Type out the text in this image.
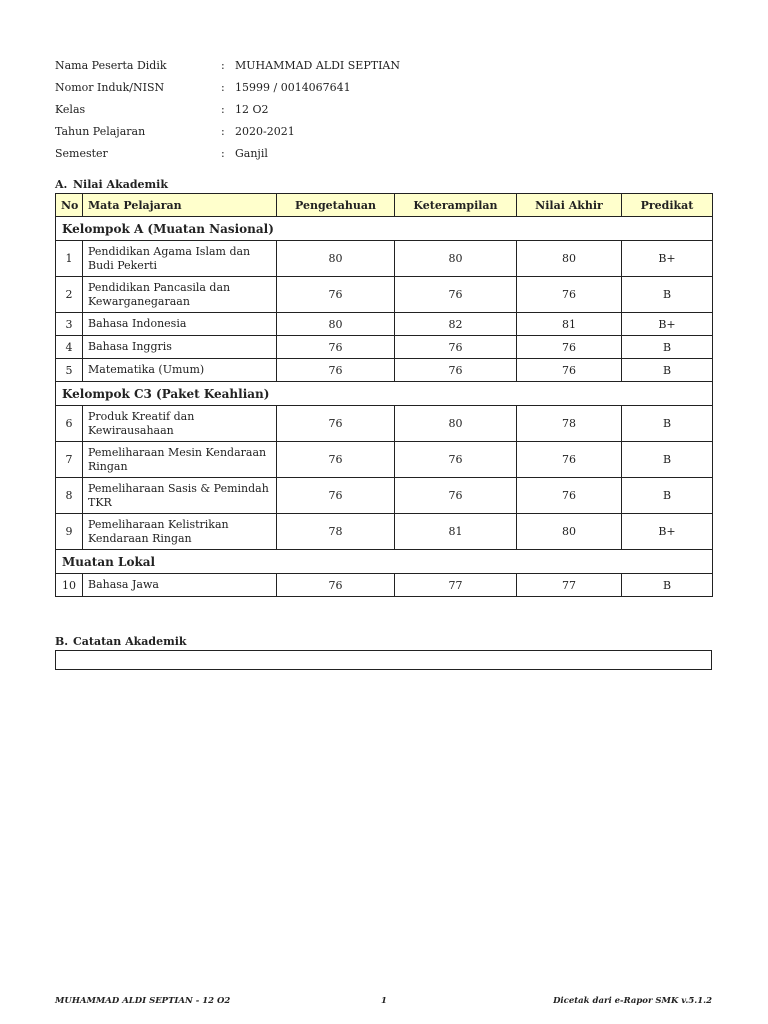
Nama Peserta Didik	: MUHAMMAD ALDI SEPTIAN
Nomor Induk/NISN	: 15999 / 0014067641
Kelas	: 12 O2
Tahun Pelajaran	: 2020-2021
Semester	: Ganjil
A. Nilai Akademik
No	Mata Pelajaran	Pengetahuan	Keterampilan	Nilai Akhir	Predikat
Kelompok A (Muatan Nasional)					
1	Pendidikan Agama Islam dan Budi Pekerti	80	80	80	B+
2	Pendidikan Pancasila dan Kewarganegaraan	76	76	76	B
3	Bahasa Indonesia	80	82	81	B+
4	Bahasa Inggris	76	76	76	B
5	Matematika (Umum)	76	76	76	B
Kelompok C3 (Paket Keahlian)					
6	Produk Kreatif dan Kewirausahaan	76	80	78	B
7	Pemeliharaan Mesin Kendaraan Ringan	76	76	76	B
8	Pemeliharaan Sasis & Pemindah TKR	76	76	76	B
9	Pemeliharaan Kelistrikan Kendaraan Ringan	78	81	80	B+
Muatan Lokal					
10	Bahasa Jawa	76	77	77	B
B. Catatan Akademik
MUHAMMAD ALDI SEPTIAN - 12 O2	1	Dicetak dari e-Rapor SMK v.5.1.2
